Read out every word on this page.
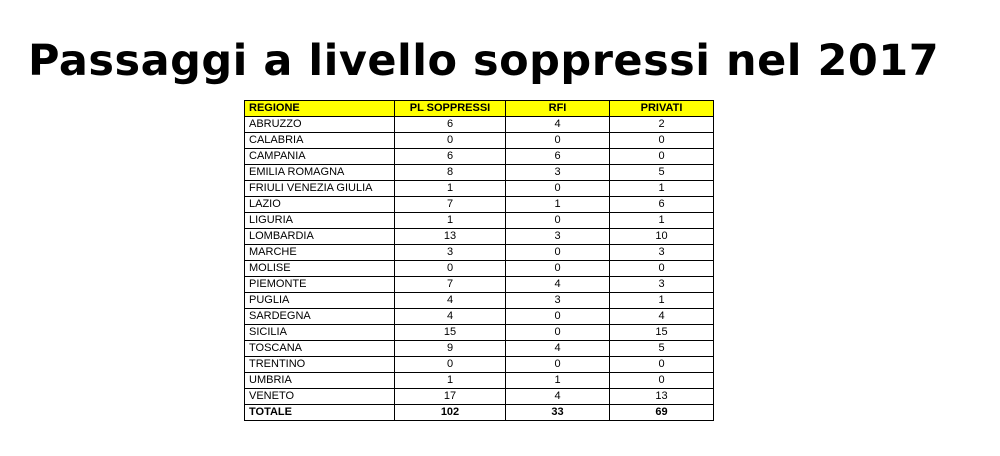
Passaggi a livello soppressi nel 2017
REGIONE	PL SOPPRESSI	RFI	PRIVATI
ABRUZZO	6	4	2
CALABRIA	0	0	0
CAMPANIA	6	6	0
EMILIA ROMAGNA	8	3	5
FRIULI VENEZIA GIULIA	1	0	1
LAZIO	7	1	6
LIGURIA	1	0	1
LOMBARDIA	13	3	10
MARCHE	3	0	3
MOLISE	0	0	0
PIEMONTE	7	4	3
PUGLIA	4	3	1
SARDEGNA	4	0	4
SICILIA	15	0	15
TOSCANA	9	4	5
TRENTINO	0	0	0
UMBRIA	1	1	0
VENETO	17	4	13
TOTALE	102	33	69
